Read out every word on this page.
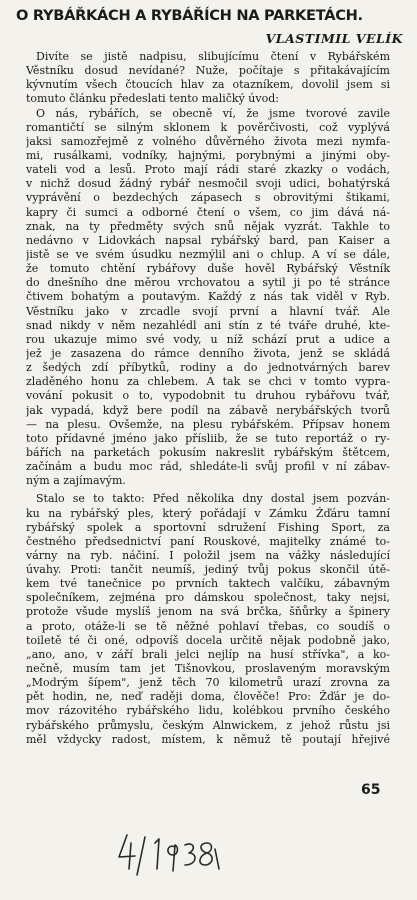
O RYBÁŘKÁCH A RYBÁŘÍCH NA PARKETÁCH.
VLASTIMIL VELÍK

Divíte se jistě nadpisu, slibujícímu čtení v Rybářském

Věstníku dosud nevídané? Nuže, počítaje s přitakávajícím

kývnutím všech čtoucích hlav za otazníkem, dovolil jsem si

tomuto článku předeslati tento maličký úvod:

O nás, rybářích, se obecně ví, že jsme tvorové zavile

romantičtí se silným sklonem k pověrčivosti, což vyplývá

jaksi samozřejmě z volného důvěrného života mezi nymfa-

mi, rusálkami, vodníky, hajnými, porybnými a jinými oby-

vateli vod a lesů. Proto mají rádi staré zkazky o vodách,

v nichž dosud žádný rybář nesmočil svoji udici, bohatýrská

vyprávění o bezdechých zápasech s obrovitými štikami,

kapry či sumci a odborné čtení o všem, co jim dává ná-

znak, na ty předměty svých snů nějak vyzrát. Takhle to

nedávno v Lidovkách napsal rybářský bard, pan Kaiser a

jistě se ve svém úsudku nezmýlil ani o chlup. A ví se dále,

že tomuto chtění rybářovy duše hověl Rybářský Věstník

do dnešního dne měrou vrchovatou a sytil ji po té stránce

čtivem bohatým a poutavým. Každý z nás tak viděl v Ryb.

Věstníku jako v zrcadle svojí první a hlavní tvář. Ale

snad nikdy v něm nezahlédl ani stín z té tváře druhé, kte-

rou ukazuje mimo své vody, u níž schází prut a udice a

jež je zasazena do rámce denního života, jenž se skládá

z šedých zdí příbytků, rodiny a do jednotvárných barev

zladěného honu za chlebem. A tak se chci v tomto vypra-

vování pokusit o to, vypodobnit tu druhou rybářovu tvář,

jak vypadá, když bere podíl na zábavě nerybářských tvorů

— na plesu. Ovšemže, na plesu rybářském. Přípsav honem

toto přídavné jméno jako přísliib, že se tuto reportáž o ry-

bářích na parketách pokusím nakreslit rybářským štětcem,

začínám a budu moc rád, shledáte-li svůj profil v ní zábav-

ným a zajímavým.

Stalo se to takto: Před několika dny dostal jsem pozván-

ku na rybářský ples, který pořádají v Zámku Žďáru tamní

rybářský spolek a sportovní sdružení Fishing Sport, za

čestného předsednictví paní Rouskové, majitelky známé to-

várny na ryb. náčiní. I položil jsem na vážky následující

úvahy. Proti: tančit neumíš, jediný tvůj pokus skončil útě-

kem tvé tanečnice po prvních taktech valčíku, zábavným

společníkem, zejména pro dámskou společnost, taky nejsi,

protože všude myslíš jenom na svá brčka, šňůrky a špinery

a proto, otáže-li se tě něžné pohlaví třebas, co soudíš o

toiletě té či oné, odpovíš docela určitě nějak podobně jako,

„ano, ano, v září brali jelci nejlíp na husí střívka", a ko-

nečně, musím tam jet Tišnovkou, proslaveným moravským

„Modrým šípem", jenž těch 70 kilometrů urazí zrovna za

pět hodin, ne, neď raději doma, člověče! Pro: Žďár je do-

mov rázovitého rybářského lidu, kolébkou prvního českého

rybářského průmyslu, českým Alnwickem, z jehož růstu jsi

měl vždycky radost, místem, k němuž tě poutají hřejivé

65
